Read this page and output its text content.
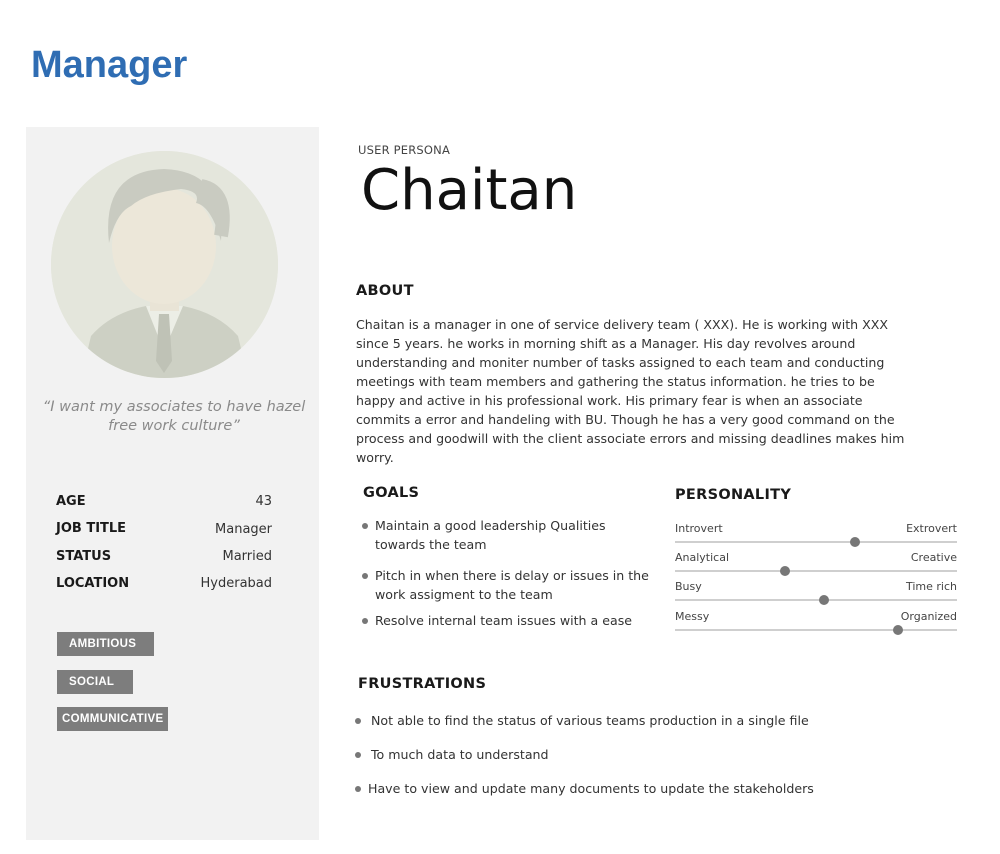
Manager
“I want my associates to have hazel free work culture”
AGE	43
JOB TITLE	Manager
STATUS	Married
LOCATION	Hyderabad
AMBITIOUS
SOCIAL
COMMUNICATIVE
USER PERSONA
Chaitan
ABOUT
Chaitan is a manager in one of service delivery team ( XXX). He is working with XXX since 5 years. he works in morning shift as a Manager. His day revolves around understanding and moniter number of tasks assigned to each team and conducting meetings with team members and gathering the status information. he tries to be happy and active in his professional work. His primary fear is when an associate commits a error and handeling with BU. Though he has a very good command on the process and goodwill with the client associate errors and missing deadlines makes him worry.
GOALS
Maintain a good leadership Qualities towards the team
Pitch in when there is delay or issues in the work assigment to the team
Resolve internal team issues with a ease
PERSONALITY
Introvert	Extrovert
Analytical	Creative
Busy	Time rich
Messy	Organized
FRUSTRATIONS
Not able to find the status of various teams production in a single file
To much data to understand
Have to view and update many documents to update the stakeholders
